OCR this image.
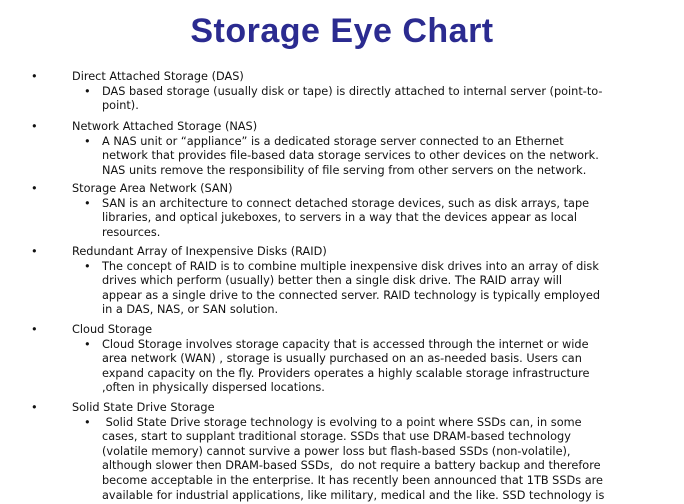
Storage Eye Chart
•	Direct Attached Storage (DAS)
• DAS based storage (usually disk or tape) is directly attached to internal server (point-to-
point).
•	Network Attached Storage (NAS)
• A NAS unit or “appliance” is a dedicated storage server connected to an Ethernet
network that provides file-based data storage services to other devices on the network.
NAS units remove the responsibility of file serving from other servers on the network.
•	Storage Area Network (SAN)
• SAN is an architecture to connect detached storage devices, such as disk arrays, tape
libraries, and optical jukeboxes, to servers in a way that the devices appear as local
resources.
•	Redundant Array of Inexpensive Disks (RAID)
• The concept of RAID is to combine multiple inexpensive disk drives into an array of disk
drives which perform (usually) better then a single disk drive. The RAID array will
appear as a single drive to the connected server. RAID technology is typically employed
in a DAS, NAS, or SAN solution.
•	Cloud Storage
• Cloud Storage involves storage capacity that is accessed through the internet or wide
area network (WAN) , storage is usually purchased on an as-needed basis. Users can
expand capacity on the fly. Providers operates a highly scalable storage infrastructure
,often in physically dispersed locations.
•	Solid State Drive Storage
• Solid State Drive storage technology is evolving to a point where SSDs can, in some
cases, start to supplant traditional storage. SSDs that use DRAM-based technology
(volatile memory) cannot survive a power loss but flash-based SSDs (non-volatile),
although slower then DRAM-based SSDs,  do not require a battery backup and therefore
become acceptable in the enterprise. It has recently been announced that 1TB SSDs are
available for industrial applications, like military, medical and the like. SSD technology is
